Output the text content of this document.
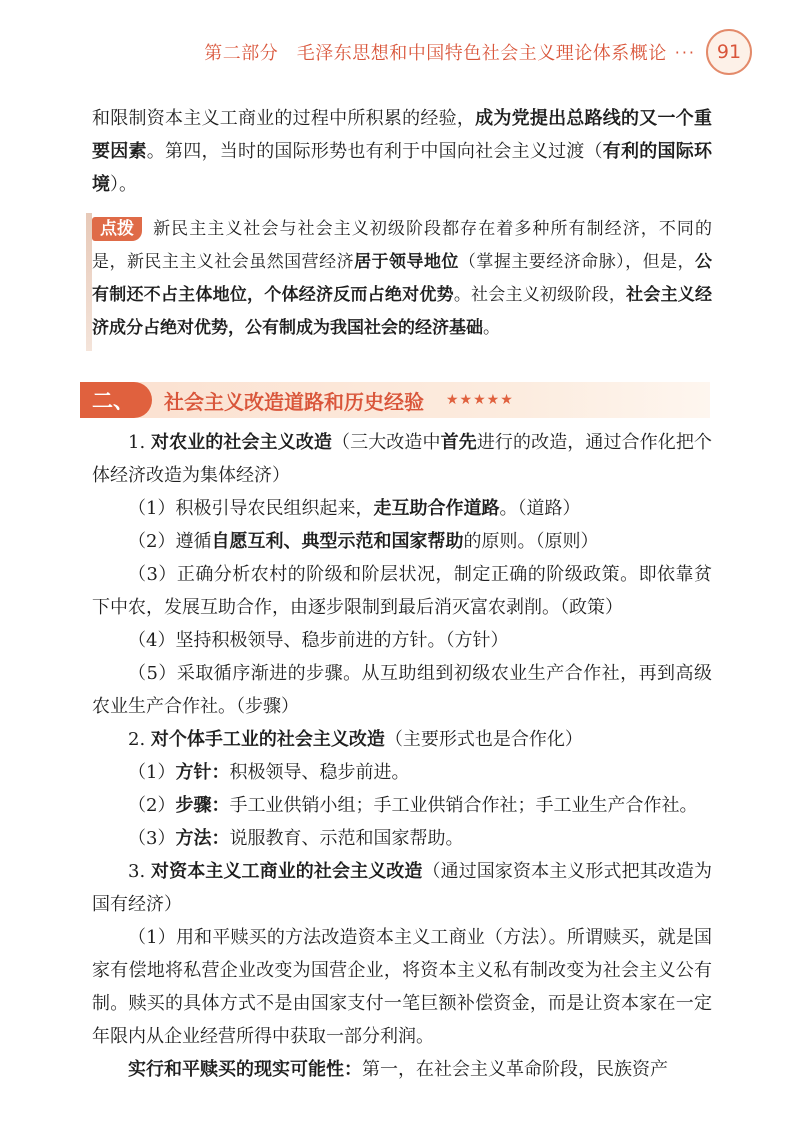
第二部分　毛泽东思想和中国特色社会主义理论体系概论 ···	91

和限制资本主义工商业的过程中所积累的经验，成为党提出总路线的又一个重要因素。第四，当时的国际形势也有利于中国向社会主义过渡（有利的国际环境）。

点拨 新民主主义社会与社会主义初级阶段都存在着多种所有制经济，不同的是，新民主主义社会虽然国营经济居于领导地位（掌握主要经济命脉），但是，公有制还不占主体地位，个体经济反而占绝对优势。社会主义初级阶段，社会主义经济成分占绝对优势，公有制成为我国社会的经济基础。
二、	社会主义改造道路和历史经验 ★★★★★

1. 对农业的社会主义改造（三大改造中首先进行的改造，通过合作化把个体经济改造为集体经济）

（1）积极引导农民组织起来，走互助合作道路。（道路）

（2）遵循自愿互利、典型示范和国家帮助的原则。（原则）

（3）正确分析农村的阶级和阶层状况，制定正确的阶级政策。即依靠贫下中农，发展互助合作，由逐步限制到最后消灭富农剥削。（政策）

（4）坚持积极领导、稳步前进的方针。（方针）

（5）采取循序渐进的步骤。从互助组到初级农业生产合作社，再到高级农业生产合作社。（步骤）

2. 对个体手工业的社会主义改造（主要形式也是合作化）

（1）方针：积极领导、稳步前进。

（2）步骤：手工业供销小组；手工业供销合作社；手工业生产合作社。

（3）方法：说服教育、示范和国家帮助。

3. 对资本主义工商业的社会主义改造（通过国家资本主义形式把其改造为国有经济）

（1）用和平赎买的方法改造资本主义工商业（方法）。所谓赎买，就是国家有偿地将私营企业改变为国营企业，将资本主义私有制改变为社会主义公有制。赎买的具体方式不是由国家支付一笔巨额补偿资金，而是让资本家在一定年限内从企业经营所得中获取一部分利润。

实行和平赎买的现实可能性：第一，在社会主义革命阶段，民族资产
